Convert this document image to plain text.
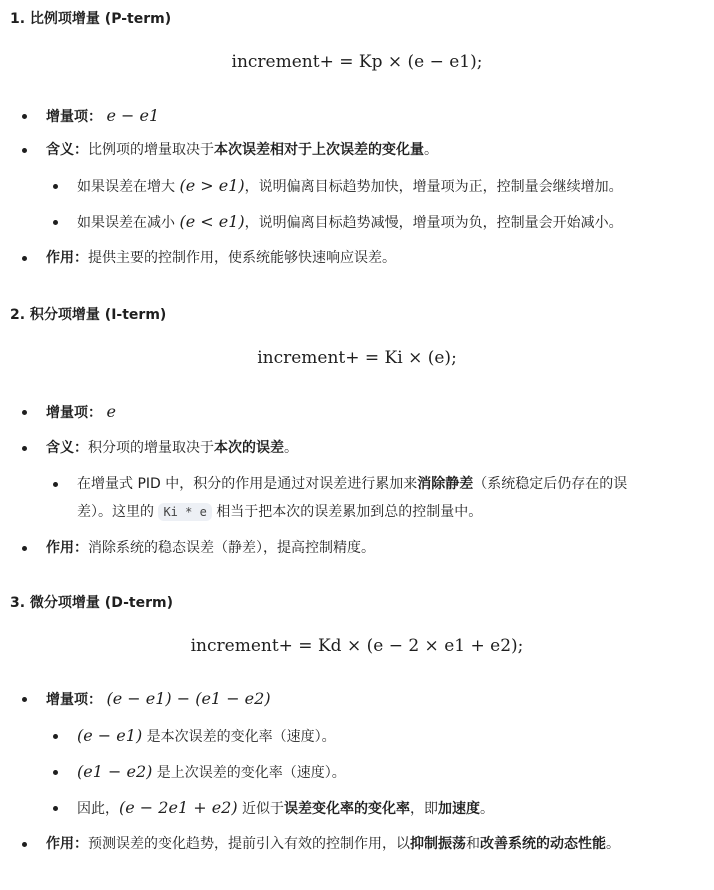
1. 比例项增量 (P-term)
increment+ = Kp × (e − e1);
增量项： e − e1
含义：比例项的增量取决于本次误差相对于上次误差的变化量。
如果误差在增大 (e > e1)，说明偏离目标趋势加快，增量项为正，控制量会继续增加。
如果误差在减小 (e < e1)，说明偏离目标趋势减慢，增量项为负，控制量会开始减小。
作用：提供主要的控制作用，使系统能够快速响应误差。
2. 积分项增量 (I-term)
increment+ = Ki × (e);
增量项： e
含义：积分项的增量取决于本次的误差。
在增量式 PID 中，积分的作用是通过对误差进行累加来消除静差（系统稳定后仍存在的误
差）。这里的 Ki * e 相当于把本次的误差累加到总的控制量中。
作用：消除系统的稳态误差（静差），提高控制精度。
3. 微分项增量 (D-term)
increment+ = Kd × (e − 2 × e1 + e2);
增量项： (e − e1) − (e1 − e2)
(e − e1) 是本次误差的变化率（速度）。
(e1 − e2) 是上次误差的变化率（速度）。
因此，(e − 2e1 + e2) 近似于误差变化率的变化率，即加速度。
作用：预测误差的变化趋势，提前引入有效的控制作用，以抑制振荡和改善系统的动态性能。
